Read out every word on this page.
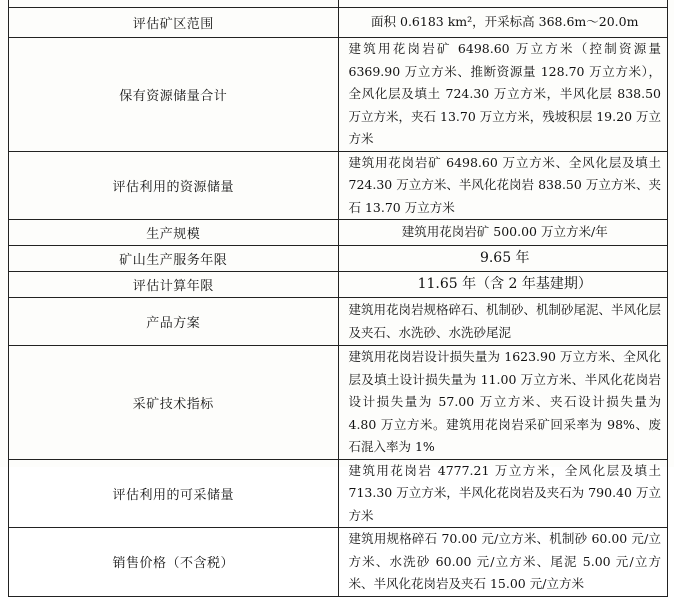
评估矿区范围	面积 0.6183 km²，开采标高 368.6m～20.0m
保有资源储量合计	建筑用花岗岩矿 6498.60 万立方米（控制资源量 6369.90 万立方米、推断资源量 128.70 万立方米），全风化层及填土 724.30 万立方米，半风化层 838.50 万立方米，夹石 13.70 万立方米，残坡积层 19.20 万立方米
评估利用的资源储量	建筑用花岗岩矿 6498.60 万立方米、全风化层及填土 724.30 万立方米、半风化花岗岩 838.50 万立方米、夹石 13.70 万立方米
生产规模	建筑用花岗岩矿 500.00 万立方米/年
矿山生产服务年限	9.65 年
评估计算年限	11.65 年（含 2 年基建期）
产品方案	建筑用花岗岩规格碎石、机制砂、机制砂尾泥、半风化层及夹石、水洗砂、水洗砂尾泥
采矿技术指标	建筑用花岗岩设计损失量为 1623.90 万立方米、全风化层及填土设计损失量为 11.00 万立方米、半风化花岗岩设计损失量为 57.00 万立方米、夹石设计损失量为 4.80 万立方米。建筑用花岗岩采矿回采率为 98%、废石混入率为 1%
评估利用的可采储量	建筑用花岗岩 4777.21 万立方米，全风化层及填土 713.30 万立方米，半风化花岗岩及夹石为 790.40 万立方米
销售价格（不含税）	建筑用规格碎石 70.00 元/立方米、机制砂 60.00 元/立方米、水洗砂 60.00 元/立方米、尾泥 5.00 元/立方米、半风化花岗岩及夹石 15.00 元/立方米
